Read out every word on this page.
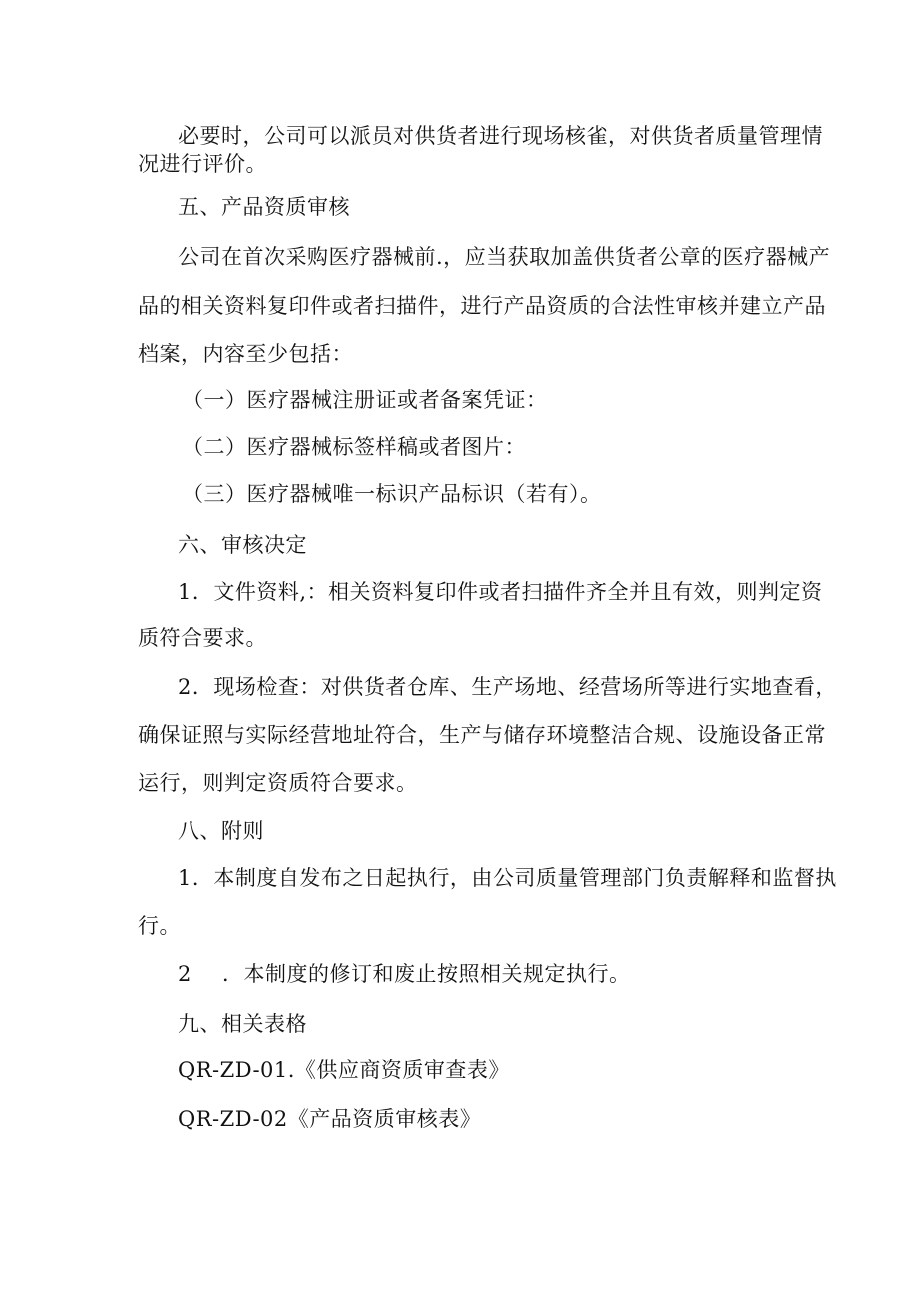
必要时，公司可以派员对供货者进行现场核雀，对供货者质量管理情
况进行评价。
五、产品资质审核
公司在首次采购医疗器械前.，应当获取加盖供货者公章的医疗器械产
品的相关资料复印件或者扫描件，进行产品资质的合法性审核并建立产品
档案，内容至少包括：
（一）医疗器械注册证或者备案凭证：
（二）医疗器械标签样稿或者图片：
（三）医疗器械唯一标识产品标识（若有）。
六、审核决定
1．文件资料,：相关资料复印件或者扫描件齐全并且有效，则判定资
质符合要求。
2．现场检查：对供货者仓库、生产场地、经营场所等进行实地查看，
确保证照与实际经营地址符合，生产与储存环境整洁合规、设施设备正常
运行，则判定资质符合要求。
八、附则
1．本制度自发布之日起执行，由公司质量管理部门负责解释和监督执
行。
2 ．本制度的修订和废止按照相关规定执行。
九、相关表格
QR-ZD-01.《供应商资质审查表》
QR-ZD-02《产品资质审核表》
